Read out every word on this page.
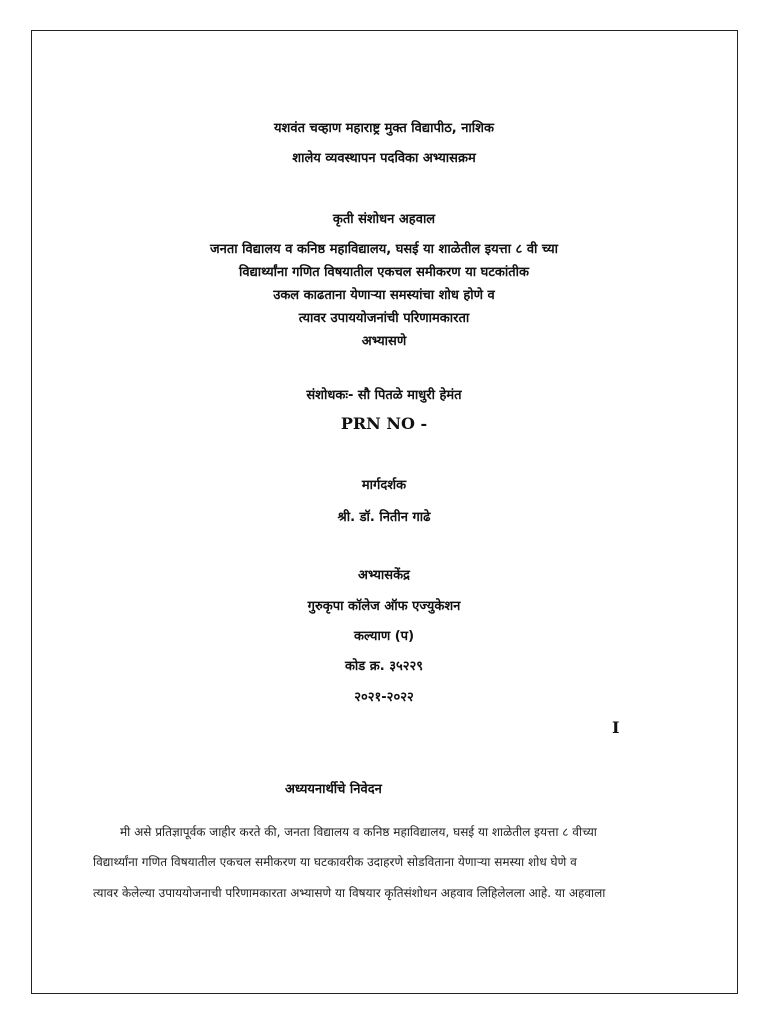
यशवंत चव्हाण महाराष्ट्र मुक्त विद्यापीठ, नाशिक
शालेय व्यवस्थापन पदविका अभ्यासक्रम
कृती संशोधन अहवाल
जनता विद्यालय व कनिष्ठ महाविद्यालय, घसई या शाळेतील इयत्ता ८ वी च्या
विद्यार्थ्यांना गणित विषयातील एकचल समीकरण या घटकांतीक
उकल काढताना येणाऱ्या समस्यांचा शोध होणे व
त्यावर उपाययोजनांची परिणामकारता
अभ्यासणे
संशोधकः- सौ पितळे माधुरी हेमंत
PRN NO -
मार्गदर्शक
श्री. डॉ. नितीन गाढे
अभ्यासकेंद्र
गुरुकृपा कॉलेज ऑफ एज्युकेशन
कल्याण (प)
कोड क्र. ३५२२९
२०२१-२०२२
I
अध्ययनार्थीचे निवेदन
मी असे प्रतिज्ञापूर्वक जाहीर करते की, जनता विद्यालय व कनिष्ठ महाविद्यालय, घसई या शाळेतील इयत्ता ८ वीच्या
विद्यार्थ्यांना गणित विषयातील एकचल समीकरण या घटकावरीक उदाहरणे सोडविताना येणाऱ्या समस्या शोध घेणे व
त्यावर केलेल्या उपाययोजनाची परिणामकारता अभ्यासणे या विषयार कृतिसंशोधन अहवाव लिहिलेलला आहे. या अहवाला
